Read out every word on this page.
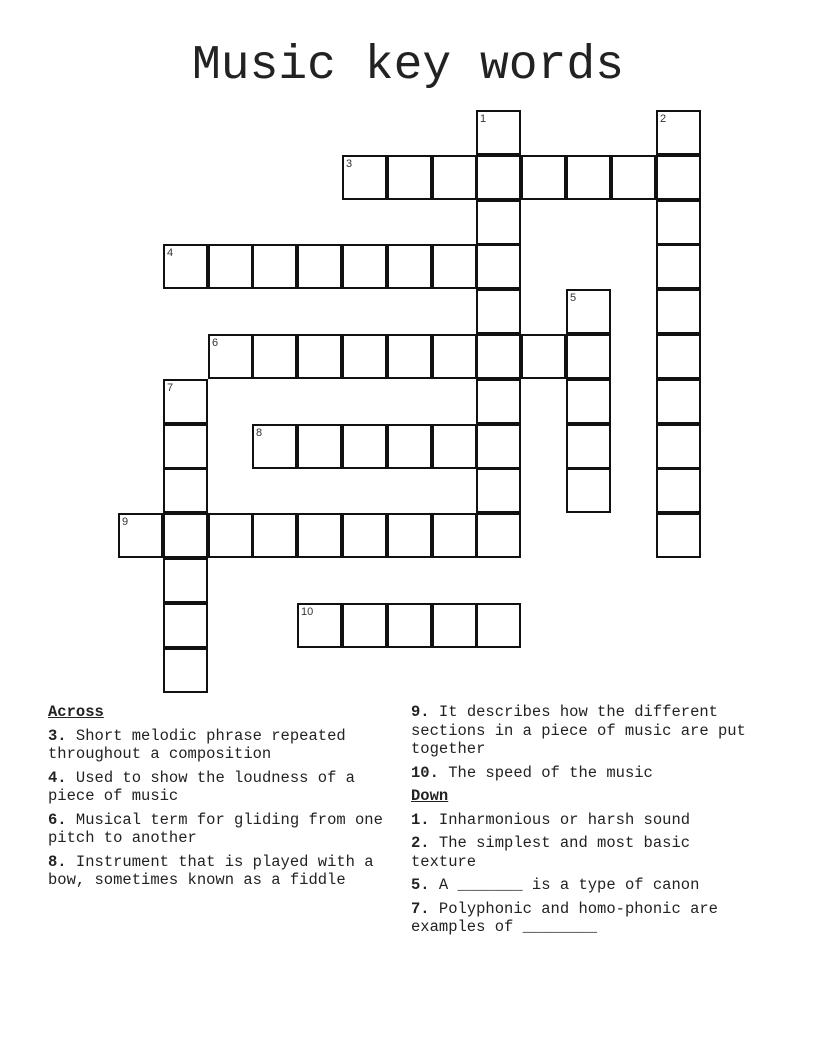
Music key words
3
4
6
8
9
10
1	2
5
7
Across
3. Short melodic phrase repeated throughout a composition
4. Used to show the loudness of a piece of music
6. Musical term for gliding from one pitch to another
8. Instrument that is played with a bow, sometimes known as a fiddle
9. It describes how the different sections in a piece of music are put together
10. The speed of the music
Down
1. Inharmonious or harsh sound
2. The simplest and most basic texture
5. A _______ is a type of canon
7. Polyphonic and homo-phonic are examples of ________
